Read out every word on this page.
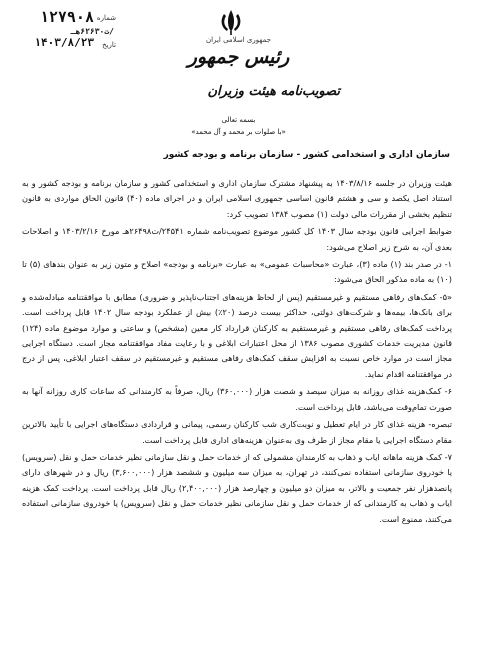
جمهوری اسلامی ایران
رئیس جمهور
تصویب‌نامه هیئت وزیران
شماره
۱۲۷۹۰۸
/ت۶۲۶۳۰هـ
تاریخ
۱۴۰۳/۸/۲۳
بسمه تعالی
«با صلوات بر محمد و آل محمد»
سازمان اداری و استخدامی کشور - سازمان برنامه و بودجه کشور

هیئت وزیران در جلسه ۱۴۰۳/۸/۱۶ به پیشنهاد مشترک سازمان اداری و استخدامی کشور و سازمان برنامه و بودجه کشور و به استناد اصل یکصد و سی و هشتم قانون اساسی جمهوری اسلامی ایران و در اجرای ماده (۴۰) قانون الحاق مواردی به قانون تنظیم بخشی از مقررات مالی دولت (۱) مصوب ۱۳۸۴ تصویب کرد:

ضوابط اجرایی قانون بودجه سال ۱۴۰۳ کل کشور موضوع تصویب‌نامه شماره ۲۴۵۴۱/ت۲۶۴۹۸هـ مورخ ۱۴۰۳/۲/۱۶ و اصلاحات بعدی آن، به شرح زیر اصلاح می‌شود:

۱- در صدر بند (۱) ماده (۳)، عبارت «محاسبات عمومی» به عبارت «برنامه و بودجه» اصلاح و متون زیر به عنوان بندهای (۵) تا (۱۰) به ماده مذکور الحاق می‌شود:

«۵- کمک‌های رفاهی مستقیم و غیرمستقیم (پس از لحاظ هزینه‌های اجتناب‌ناپذیر و ضروری) مطابق با موافقتنامه مبادله‌شده و برای بانک‌ها، بیمه‌ها و شرکت‌های دولتی، حداکثر بیست درصد (۲۰٪) بیش از عملکرد بودجه سال ۱۴۰۲ قابل پرداخت است. پرداخت کمک‌های رفاهی مستقیم و غیرمستقیم به کارکنان قرارداد کار معین (مشخص) و ساعتی و موارد موضوع ماده (۱۲۴) قانون مدیریت خدمات کشوری مصوب ۱۳۸۶ از محل اعتبارات ابلاغی و با رعایت مفاد موافقتنامه مجاز است. دستگاه اجرایی مجاز است در موارد خاص نسبت به افزایش سقف کمک‌های رفاهی مستقیم و غیرمستقیم در سقف اعتبار ابلاغی، پس از درج در موافقتنامه اقدام نماید.

۶- کمک‌هزینه غذای روزانه به میزان سیصد و شصت هزار (۳۶۰,۰۰۰) ریال، صرفاً به کارمندانی که ساعات کاری روزانه آنها به صورت تمام‌وقت می‌باشد، قابل پرداخت است.

تبصره- هزینه غذای کار در ایام تعطیل و نوبت‌کاری شب کارکنان رسمی، پیمانی و قراردادی دستگاه‌های اجرایی با تأیید بالاترین مقام دستگاه اجرایی یا مقام مجاز از طرف وی به‌عنوان هزینه‌های اداری قابل پرداخت است.

۷- کمک هزینه ماهانه ایاب و ذهاب به کارمندان مشمولی که از خدمات حمل و نقل سازمانی نظیر خدمات حمل و نقل (سرویس) یا خودروی سازمانی استفاده نمی‌کنند، در تهران، به میزان سه میلیون و ششصد هزار (۳,۶۰۰,۰۰۰) ریال و در شهرهای دارای پانصدهزار نفر جمعیت و بالاتر، به میزان دو میلیون و چهارصد هزار (۲,۴۰۰,۰۰۰) ریال قابل پرداخت است. پرداخت کمک هزینه ایاب و ذهاب به کارمندانی که از خدمات حمل و نقل سازمانی نظیر خدمات حمل و نقل (سرویس) یا خودروی سازمانی استفاده می‌کنند، ممنوع است.
